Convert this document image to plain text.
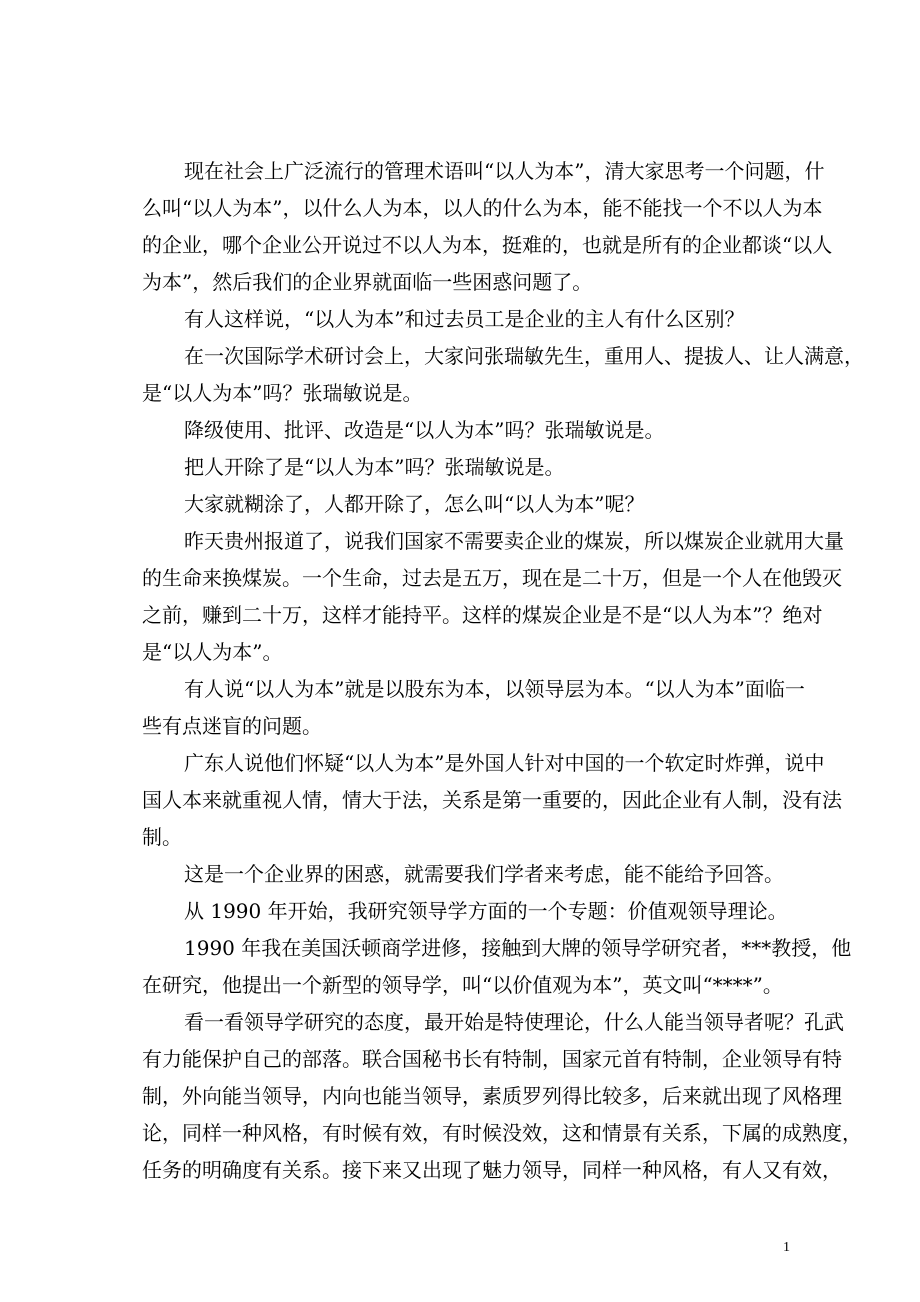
现在社会上广泛流行的管理术语叫“以人为本”，清大家思考一个问题，什
么叫“以人为本”，以什么人为本，以人的什么为本，能不能找一个不以人为本
的企业，哪个企业公开说过不以人为本，挺难的，也就是所有的企业都谈“以人
为本”，然后我们的企业界就面临一些困惑问题了。
有人这样说，“以人为本”和过去员工是企业的主人有什么区别？
在一次国际学术研讨会上，大家问张瑞敏先生，重用人、提拔人、让人满意，
是“以人为本”吗？张瑞敏说是。
降级使用、批评、改造是“以人为本”吗？张瑞敏说是。
把人开除了是“以人为本”吗？张瑞敏说是。
大家就糊涂了，人都开除了，怎么叫“以人为本”呢？
昨天贵州报道了，说我们国家不需要卖企业的煤炭，所以煤炭企业就用大量
的生命来换煤炭。一个生命，过去是五万，现在是二十万，但是一个人在他毁灭
之前，赚到二十万，这样才能持平。这样的煤炭企业是不是“以人为本”？绝对
是“以人为本”。
有人说“以人为本”就是以股东为本，以领导层为本。“以人为本”面临一
些有点迷盲的问题。
广东人说他们怀疑“以人为本”是外国人针对中国的一个软定时炸弹，说中
国人本来就重视人情，情大于法，关系是第一重要的，因此企业有人制，没有法
制。
这是一个企业界的困惑，就需要我们学者来考虑，能不能给予回答。
从 1990 年开始，我研究领导学方面的一个专题：价值观领导理论。
1990 年我在美国沃顿商学进修，接触到大牌的领导学研究者，***教授，他
在研究，他提出一个新型的领导学，叫“以价值观为本”，英文叫“****”。
看一看领导学研究的态度，最开始是特使理论，什么人能当领导者呢？孔武
有力能保护自己的部落。联合国秘书长有特制，国家元首有特制，企业领导有特
制，外向能当领导，内向也能当领导，素质罗列得比较多，后来就出现了风格理
论，同样一种风格，有时候有效，有时候没效，这和情景有关系，下属的成熟度，
任务的明确度有关系。接下来又出现了魅力领导，同样一种风格，有人又有效，
1
